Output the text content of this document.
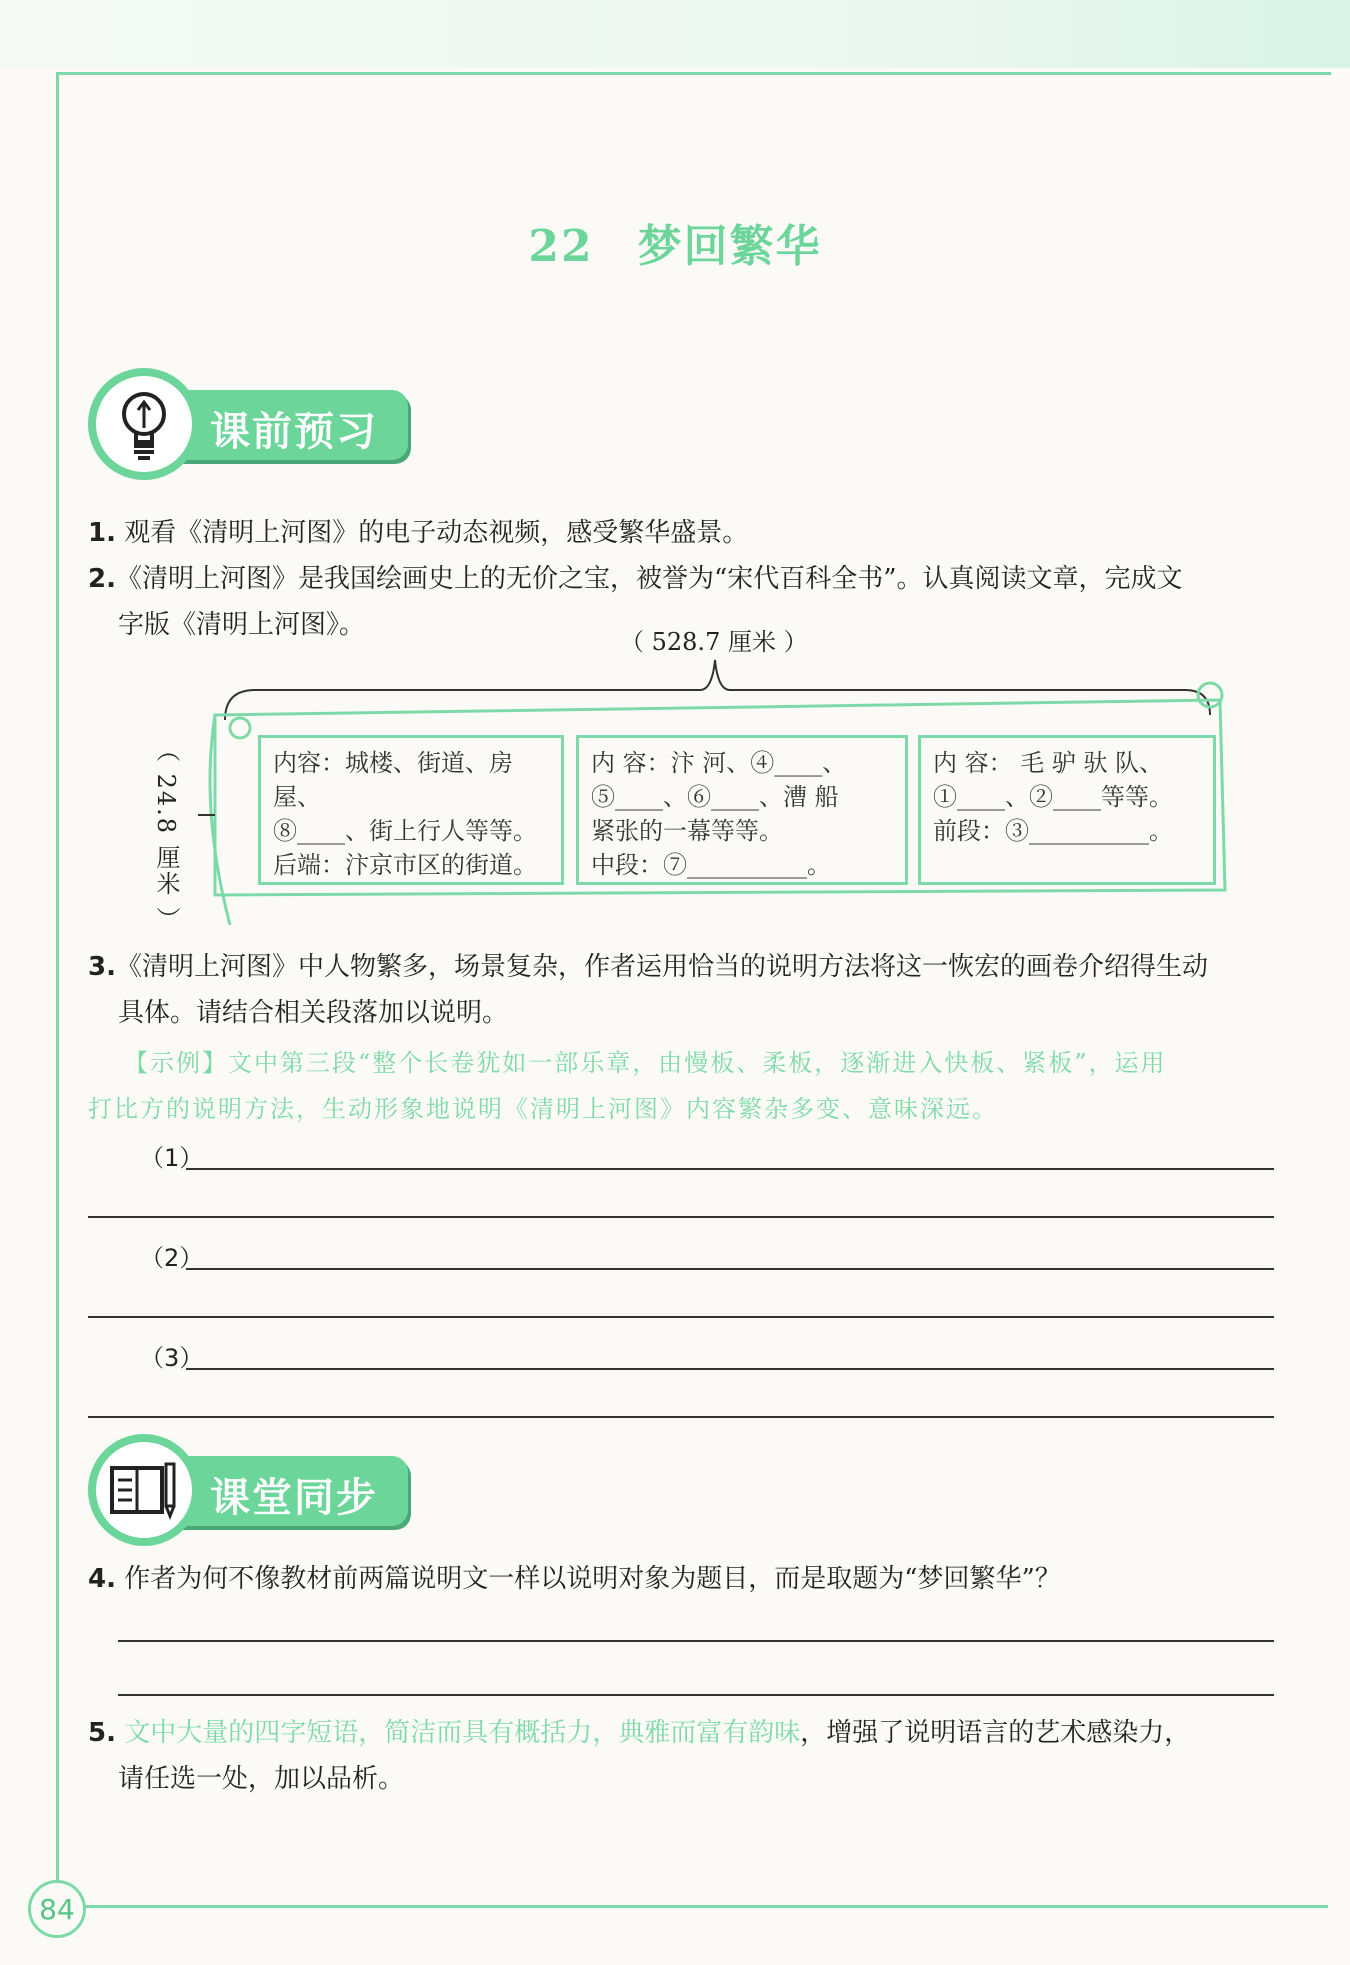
22 梦回繁华
课前预习
1. 观看《清明上河图》的电子动态视频，感受繁华盛景。
2.《清明上河图》是我国绘画史上的无价之宝，被誉为“宋代百科全书”。认真阅读文章，完成文
字版《清明上河图》。
（ 528.7 厘米 ）
（ 24.8 厘米 ）	内容：城楼、街道、房屋、
⑧____、街上行人等等。
后端：汴京市区的街道。
内 容：汴 河、④____、
⑤____、⑥____、漕 船
紧张的一幕等等。
中段：⑦__________。
内 容： 毛 驴 驮 队、
①____、②____等等。
前段：③__________。
3.《清明上河图》中人物繁多，场景复杂，作者运用恰当的说明方法将这一恢宏的画卷介绍得生动
具体。请结合相关段落加以说明。
【示例】文中第三段“整个长卷犹如一部乐章，由慢板、柔板，逐渐进入快板、紧板”，运用
打比方的说明方法，生动形象地说明《清明上河图》内容繁杂多变、意味深远。
（1）
（2）
（3）
课堂同步
4. 作者为何不像教材前两篇说明文一样以说明对象为题目，而是取题为“梦回繁华”？
5. 文中大量的四字短语，简洁而具有概括力，典雅而富有韵味，增强了说明语言的艺术感染力，
请任选一处，加以品析。
84
